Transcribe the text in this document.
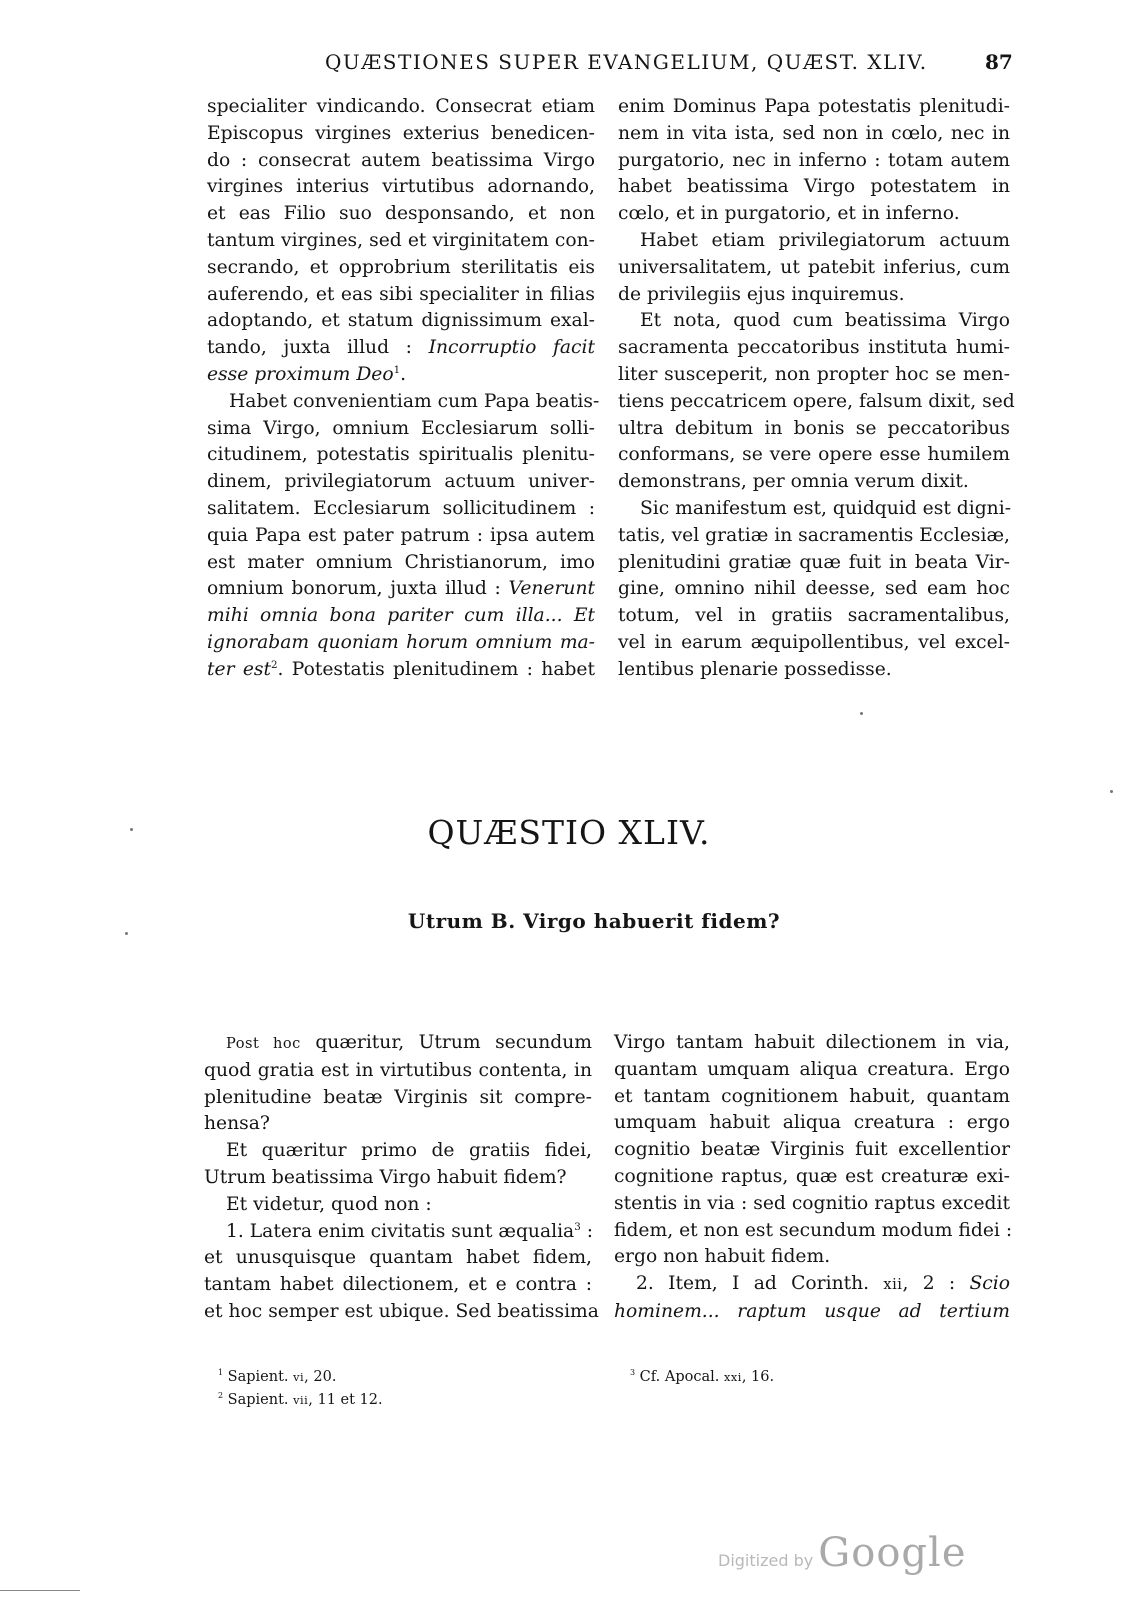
QUÆSTIONES SUPER EVANGELIUM, QUÆST. XLIV.	87
specialiter vindicando. Consecrat etiam
Episcopus virgines exterius benedicen-
do : consecrat autem beatissima Virgo
virgines interius virtutibus adornando,
et eas Filio suo desponsando, et non
tantum virgines, sed et virginitatem con-
secrando, et opprobrium sterilitatis eis
auferendo, et eas sibi specialiter in filias
adoptando, et statum dignissimum exal-
tando, juxta illud : Incorruptio facit
esse proximum Deo$^1$.
Habet convenientiam cum Papa beatis-
sima Virgo, omnium Ecclesiarum solli-
citudinem, potestatis spiritualis plenitu-
dinem, privilegiatorum actuum univer-
salitatem. Ecclesiarum sollicitudinem :
quia Papa est pater patrum : ipsa autem
est mater omnium Christianorum, imo
omnium bonorum, juxta illud : Venerunt
mihi omnia bona pariter cum illa... Et
ignorabam quoniam horum omnium ma-
ter est$^2$. Potestatis plenitudinem : habet
enim Dominus Papa potestatis plenitudi-
nem in vita ista, sed non in cœlo, nec in
purgatorio, nec in inferno : totam autem
habet beatissima Virgo potestatem in
cœlo, et in purgatorio, et in inferno.
Habet etiam privilegiatorum actuum
universalitatem, ut patebit inferius, cum
de privilegiis ejus inquiremus.
Et nota, quod cum beatissima Virgo
sacramenta peccatoribus instituta humi-
liter susceperit, non propter hoc se men-
tiens peccatricem opere, falsum dixit, sed
ultra debitum in bonis se peccatoribus
conformans, se vere opere esse humilem
demonstrans, per omnia verum dixit.
Sic manifestum est, quidquid est digni-
tatis, vel gratiæ in sacramentis Ecclesiæ,
plenitudini gratiæ quæ fuit in beata Vir-
gine, omnino nihil deesse, sed eam hoc
totum, vel in gratiis sacramentalibus,
vel in earum æquipollentibus, vel excel-
lentibus plenarie possedisse.
QUÆSTIO XLIV.
Utrum B. Virgo habuerit fidem?
Post hoc quæritur, Utrum secundum
quod gratia est in virtutibus contenta, in
plenitudine beatæ Virginis sit compre-
hensa?
Et quæritur primo de gratiis fidei,
Utrum beatissima Virgo habuit fidem?
Et videtur, quod non :
1. Latera enim civitatis sunt æqualia$^3$ :
et unusquisque quantam habet fidem,
tantam habet dilectionem, et e contra :
et hoc semper est ubique. Sed beatissima
Virgo tantam habuit dilectionem in via,
quantam umquam aliqua creatura. Ergo
et tantam cognitionem habuit, quantam
umquam habuit aliqua creatura : ergo
cognitio beatæ Virginis fuit excellentior
cognitione raptus, quæ est creaturæ exi-
stentis in via : sed cognitio raptus excedit
fidem, et non est secundum modum fidei :
ergo non habuit fidem.
2. Item, I ad Corinth. xii, 2 : Scio
hominem... raptum usque ad tertium
$^1$ Sapient. vi, 20.
$^2$ Sapient. vii, 11 et 12.
$^3$ Cf. Apocal. xxi, 16.
Digitized by Google
